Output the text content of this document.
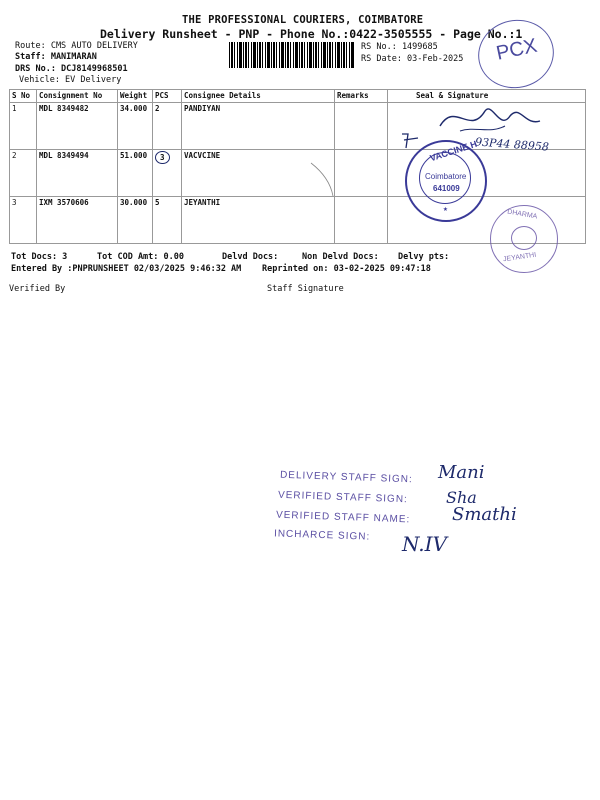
THE PROFESSIONAL COURIERS, COIMBATORE
Delivery Runsheet - PNP - Phone No.:0422-3505555 - Page No.:1
Route: CMS AUTO DELIVERY
Staff: MANIMARAN
DRS No.: DCJ8149968501
Vehicle: EV Delivery
RS No.: 1499685
RS Date: 03-Feb-2025 PCX
S No	Consignment No	Weight	PCS	Consignee Details	Remarks	Seal & Signature
1	MDL 8349482	34.000	2	PANDIYAN		
2	MDL 8349494	51.000	3	VACVCINE		
3	IXM 3570606	30.000	5	JEYANTHI		
93P44 88958
VACCINE H
Coimbatore
641009
★	DHARMA
JEYANTHI
Tot Docs: 3	Tot COD Amt: 0.00	Delvd Docs:	Non Delvd Docs: Delvy pts:
Entered By :PNPRUNSHEET 02/03/2025 9:46:32 AM Reprinted on: 03-02-2025 09:47:18
Verified By	Staff Signature
DELIVERY STAFF SIGN:
VERIFIED STAFF SIGN:
VERIFIED STAFF NAME:
INCHARCE SIGN:
Mani
Sha
Smathi
N.IV
